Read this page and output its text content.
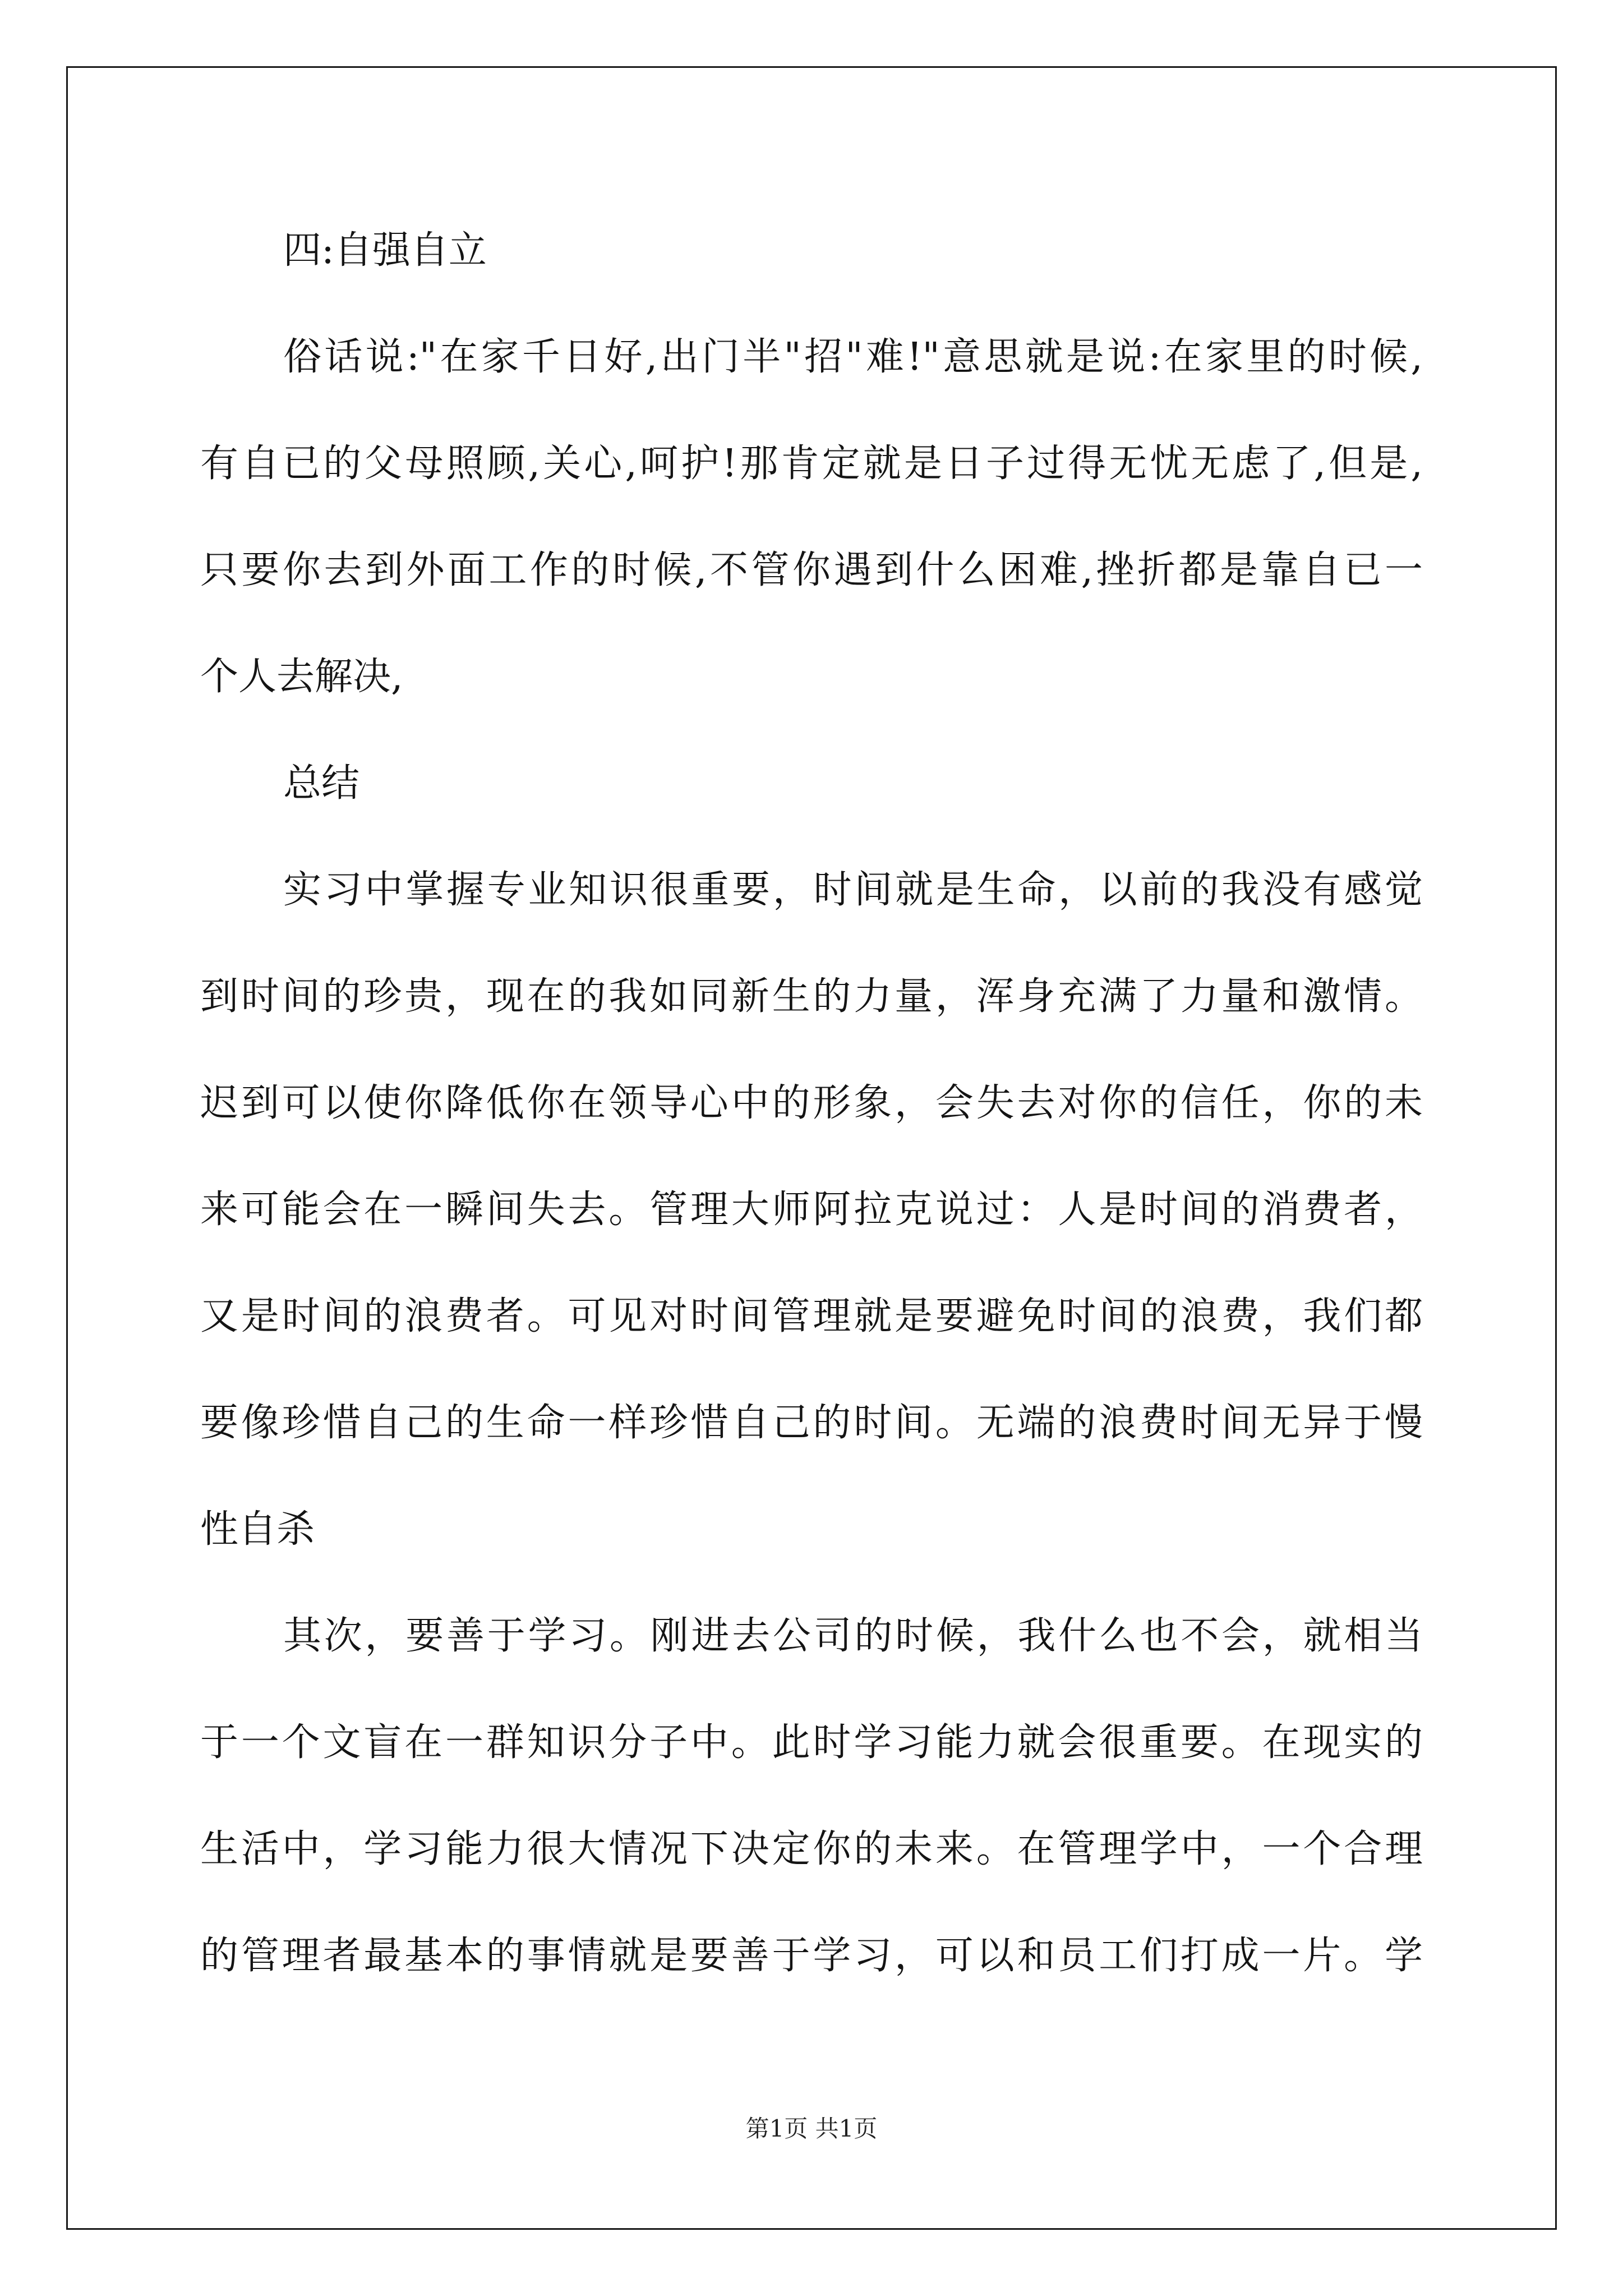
四:自强自立
俗话说:"在家千日好,出门半"招"难!"意思就是说:在家里的时候,
有自已的父母照顾,关心,呵护!那肯定就是日子过得无忧无虑了,但是,
只要你去到外面工作的时候,不管你遇到什么困难,挫折都是靠自已一
个人去解决,
总结
实习中掌握专业知识很重要，时间就是生命，以前的我没有感觉
到时间的珍贵，现在的我如同新生的力量，浑身充满了力量和激情。
迟到可以使你降低你在领导心中的形象，会失去对你的信任，你的未
来可能会在一瞬间失去。管理大师阿拉克说过：人是时间的消费者，
又是时间的浪费者。可见对时间管理就是要避免时间的浪费，我们都
要像珍惜自己的生命一样珍惜自己的时间。无端的浪费时间无异于慢
性自杀
其次，要善于学习。刚进去公司的时候，我什么也不会，就相当
于一个文盲在一群知识分子中。此时学习能力就会很重要。在现实的
生活中，学习能力很大情况下决定你的未来。在管理学中，一个合理
的管理者最基本的事情就是要善于学习，可以和员工们打成一片。学
第1页 共1页
